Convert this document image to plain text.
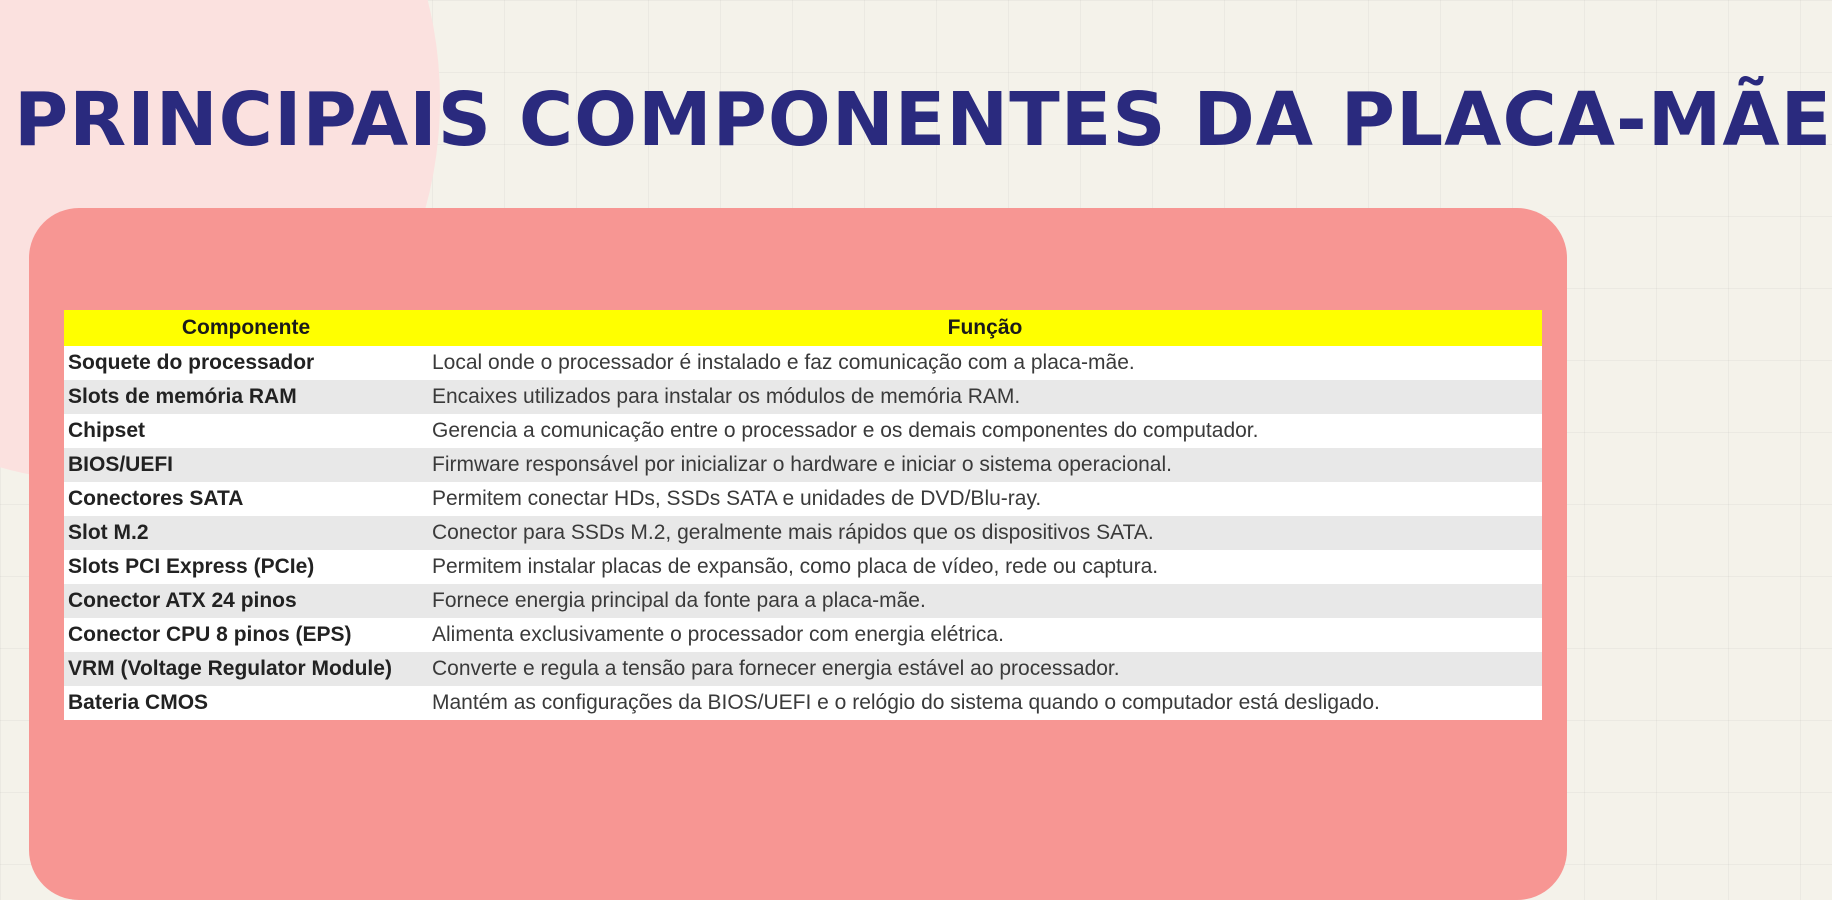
PRINCIPAIS COMPONENTES DA PLACA-MÃE
Componente	Função
Soquete do processador	Local onde o processador é instalado e faz comunicação com a placa-mãe.
Slots de memória RAM	Encaixes utilizados para instalar os módulos de memória RAM.
Chipset	Gerencia a comunicação entre o processador e os demais componentes do computador.
BIOS/UEFI	Firmware responsável por inicializar o hardware e iniciar o sistema operacional.
Conectores SATA	Permitem conectar HDs, SSDs SATA e unidades de DVD/Blu-ray.
Slot M.2	Conector para SSDs M.2, geralmente mais rápidos que os dispositivos SATA.
Slots PCI Express (PCIe)	Permitem instalar placas de expansão, como placa de vídeo, rede ou captura.
Conector ATX 24 pinos	Fornece energia principal da fonte para a placa-mãe.
Conector CPU 8 pinos (EPS)	Alimenta exclusivamente o processador com energia elétrica.
VRM (Voltage Regulator Module)	Converte e regula a tensão para fornecer energia estável ao processador.
Bateria CMOS	Mantém as configurações da BIOS/UEFI e o relógio do sistema quando o computador está desligado.
